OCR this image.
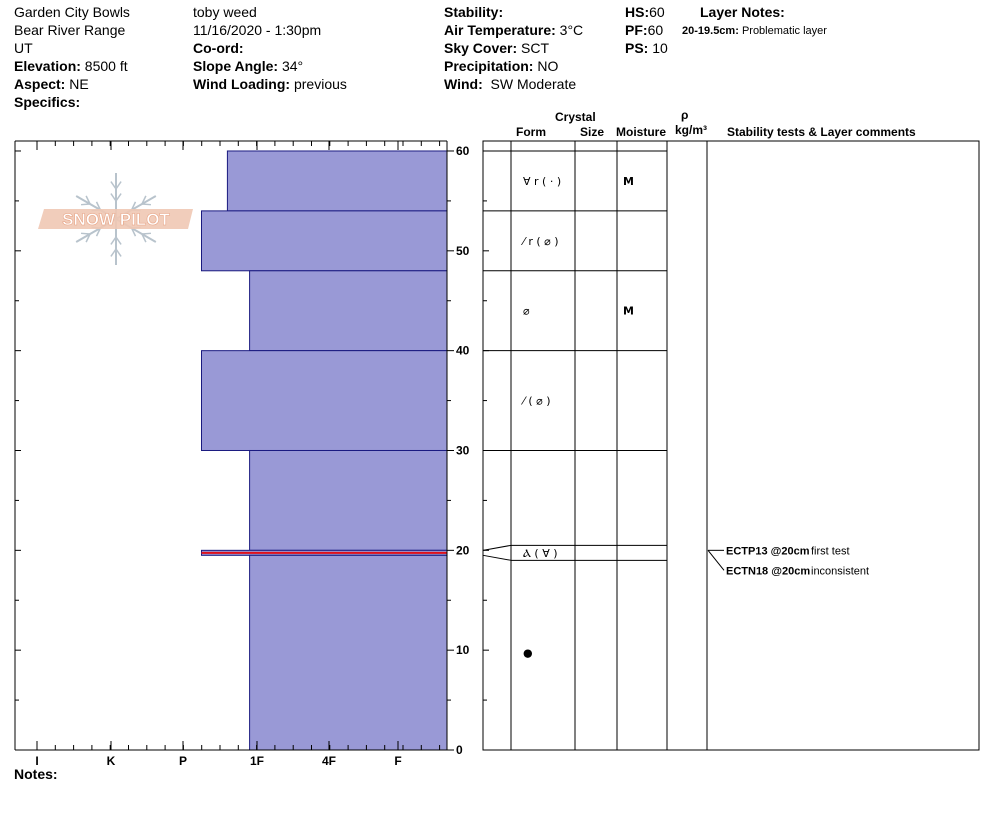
Garden City Bowls
Bear River Range
UT
Elevation: 8500 ft
Aspect: NE
Specifics:
toby weed
11/16/2020 - 1:30pm
Co-ord:
Slope Angle: 34°
Wind Loading: previous
Stability:
Air Temperature: 3°C
Sky Cover: SCT
Precipitation: NO
Wind: SW Moderate
HS:60
PF:60
PS: 10
Layer Notes:
20-19.5cm: Problematic layer
Crystal
Form	Size Moisture
ρ
kg/m³ Stability tests & Layer comments
Notes:
SNOW PILOT
0
10
20
30
40
50
60
I	K	P	1F	4F	F
∀ r ( · )	M
⁄ r ( ⌀ )
⌀	M
⁄ ( ⌀ )
Ⲁ ( ∀ )
●
ECTP13 @20cm first test
ECTN18 @20cm inconsistent
